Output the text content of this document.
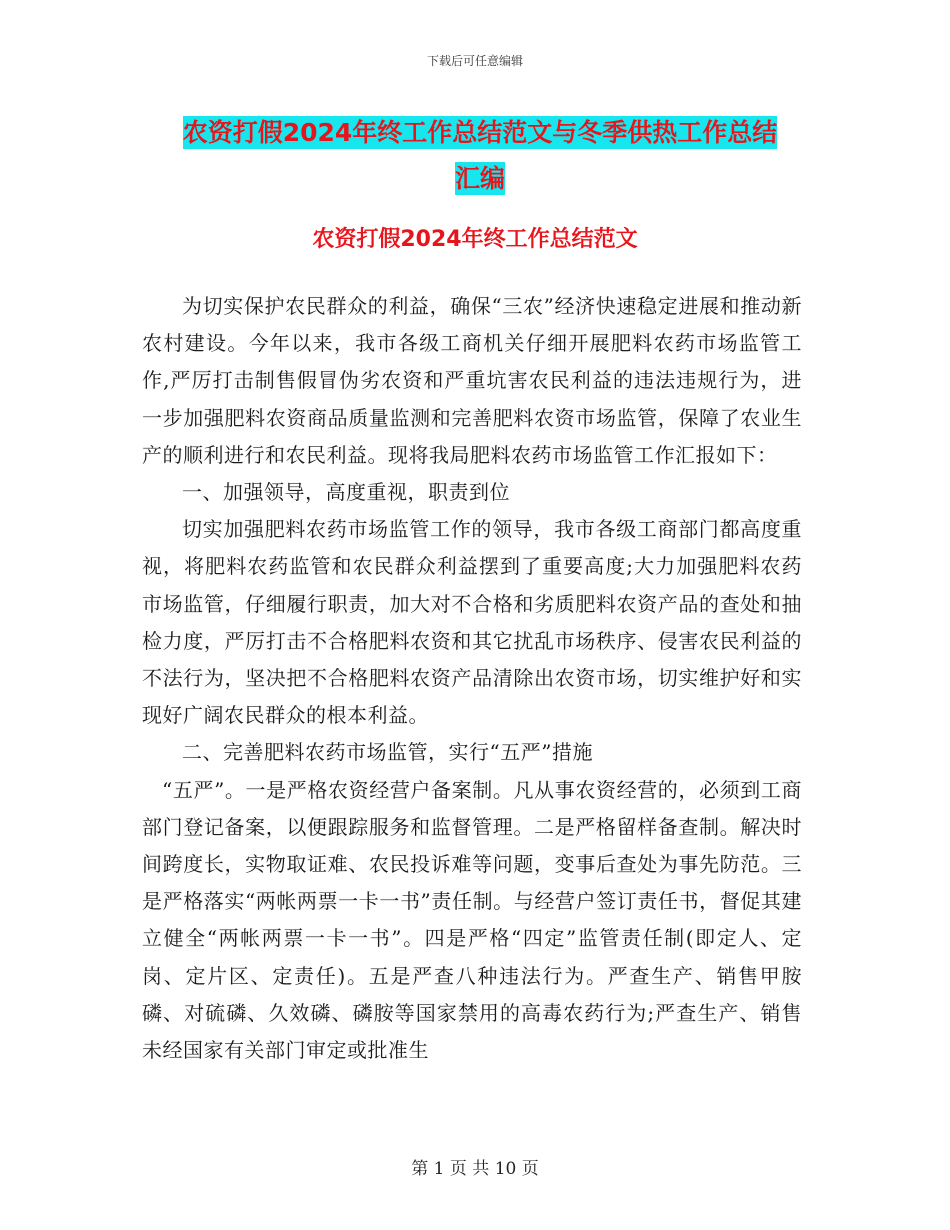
下载后可任意编辑
农资打假2024年终工作总结范文与冬季供热工作总结
汇编
农资打假2024年终工作总结范文

为切实保护农民群众的利益，确保“三农”经济快速稳定进展和推动新农村建设。今年以来，我市各级工商机关仔细开展肥料农药市场监管工作,严厉打击制售假冒伪劣农资和严重坑害农民利益的违法违规行为，进一步加强肥料农资商品质量监测和完善肥料农资市场监管，保障了农业生产的顺利进行和农民利益。现将我局肥料农药市场监管工作汇报如下：

一、加强领导，高度重视，职责到位

切实加强肥料农药市场监管工作的领导，我市各级工商部门都高度重视，将肥料农药监管和农民群众利益摆到了重要高度;大力加强肥料农药市场监管，仔细履行职责，加大对不合格和劣质肥料农资产品的查处和抽检力度，严厉打击不合格肥料农资和其它扰乱市场秩序、侵害农民利益的不法行为，坚决把不合格肥料农资产品清除出农资市场，切实维护好和实现好广阔农民群众的根本利益。

二、完善肥料农药市场监管，实行“五严”措施

“五严”。一是严格农资经营户备案制。凡从事农资经营的，必须到工商部门登记备案，以便跟踪服务和监督管理。二是严格留样备查制。解决时间跨度长，实物取证难、农民投诉难等问题，变事后查处为事先防范。三是严格落实“两帐两票一卡一书”责任制。与经营户签订责任书，督促其建立健全“两帐两票一卡一书”。四是严格“四定”监管责任制(即定人、定岗、定片区、定责任)。五是严查八种违法行为。严查生产、销售甲胺磷、对硫磷、久效磷、磷胺等国家禁用的高毒农药行为;严查生产、销售未经国家有关部门审定或批准生

第 1 页 共 10 页
